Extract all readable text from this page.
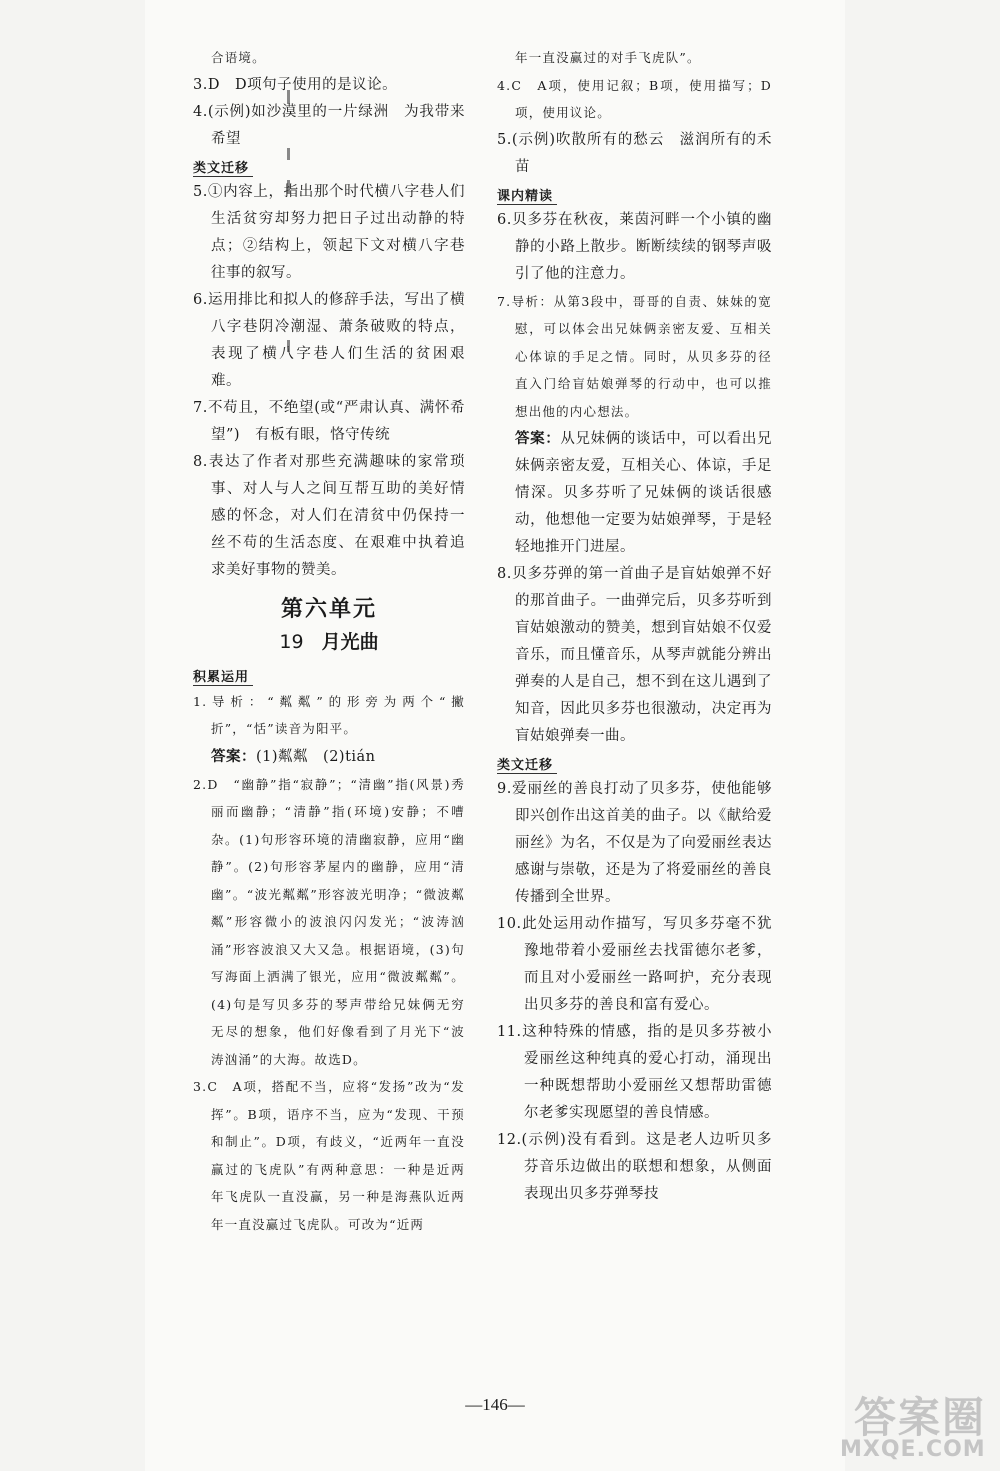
合语境。

3.D　D项句子使用的是议论。

4.(示例)如沙漠里的一片绿洲　为我带来希望

类文迁移

5.①内容上，指出那个时代横八字巷人们生活贫穷却努力把日子过出动静的特点；②结构上，领起下文对横八字巷往事的叙写。

6.运用排比和拟人的修辞手法，写出了横八字巷阴冷潮湿、萧条破败的特点，表现了横八字巷人们生活的贫困艰难。

7.不苟且，不绝望(或“严肃认真、满怀希望”)　有板有眼，恪守传统

8.表达了作者对那些充满趣味的家常琐事、对人与人之间互帮互助的美好情感的怀念，对人们在清贫中仍保持一丝不苟的生活态度、在艰难中执着追求美好事物的赞美。

第六单元
19 月光曲
积累运用

1.导析：“粼粼”的形旁为两个“撇折”，“恬”读音为阳平。

答案：(1)粼粼　(2)tián

2.D　“幽静”指“寂静”；“清幽”指(风景)秀丽而幽静；“清静”指(环境)安静；不嘈杂。(1)句形容环境的清幽寂静，应用“幽静”。(2)句形容茅屋内的幽静，应用“清幽”。“波光粼粼”形容波光明净；“微波粼粼”形容微小的波浪闪闪发光；“波涛汹涌”形容波浪又大又急。根据语境，(3)句写海面上洒满了银光，应用“微波粼粼”。(4)句是写贝多芬的琴声带给兄妹俩无穷无尽的想象，他们好像看到了月光下“波涛汹涌”的大海。故选D。

3.C　A项，搭配不当，应将“发扬”改为“发挥”。B项，语序不当，应为“发现、干预和制止”。D项，有歧义，“近两年一直没赢过的飞虎队”有两种意思：一种是近两年飞虎队一直没赢，另一种是海燕队近两年一直没赢过飞虎队。可改为“近两

年一直没赢过的对手飞虎队”。

4.C　A项，使用记叙；B项，使用描写；D项，使用议论。

5.(示例)吹散所有的愁云　滋润所有的禾苗

课内精读

6.贝多芬在秋夜，莱茵河畔一个小镇的幽静的小路上散步。断断续续的钢琴声吸引了他的注意力。

7.导析：从第3段中，哥哥的自责、妹妹的宽慰，可以体会出兄妹俩亲密友爱、互相关心体谅的手足之情。同时，从贝多芬的径直入门给盲姑娘弹琴的行动中，也可以推想出他的内心想法。

答案：从兄妹俩的谈话中，可以看出兄妹俩亲密友爱，互相关心、体谅，手足情深。贝多芬听了兄妹俩的谈话很感动，他想他一定要为姑娘弹琴，于是轻轻地推开门进屋。

8.贝多芬弹的第一首曲子是盲姑娘弹不好的那首曲子。一曲弹完后，贝多芬听到盲姑娘激动的赞美，想到盲姑娘不仅爱音乐，而且懂音乐，从琴声就能分辨出弹奏的人是自己，想不到在这儿遇到了知音，因此贝多芬也很激动，决定再为盲姑娘弹奏一曲。

类文迁移

9.爱丽丝的善良打动了贝多芬，使他能够即兴创作出这首美的曲子。以《献给爱丽丝》为名，不仅是为了向爱丽丝表达感谢与崇敬，还是为了将爱丽丝的善良传播到全世界。

10.此处运用动作描写，写贝多芬毫不犹豫地带着小爱丽丝去找雷德尔老爹，而且对小爱丽丝一路呵护，充分表现出贝多芬的善良和富有爱心。

11.这种特殊的情感，指的是贝多芬被小爱丽丝这种纯真的爱心打动，涌现出一种既想帮助小爱丽丝又想帮助雷德尔老爹实现愿望的善良情感。

12.(示例)没有看到。这是老人边听贝多芬音乐边做出的联想和想象，从侧面表现出贝多芬弹琴技

—146—	答案圈
MXQE.COM
